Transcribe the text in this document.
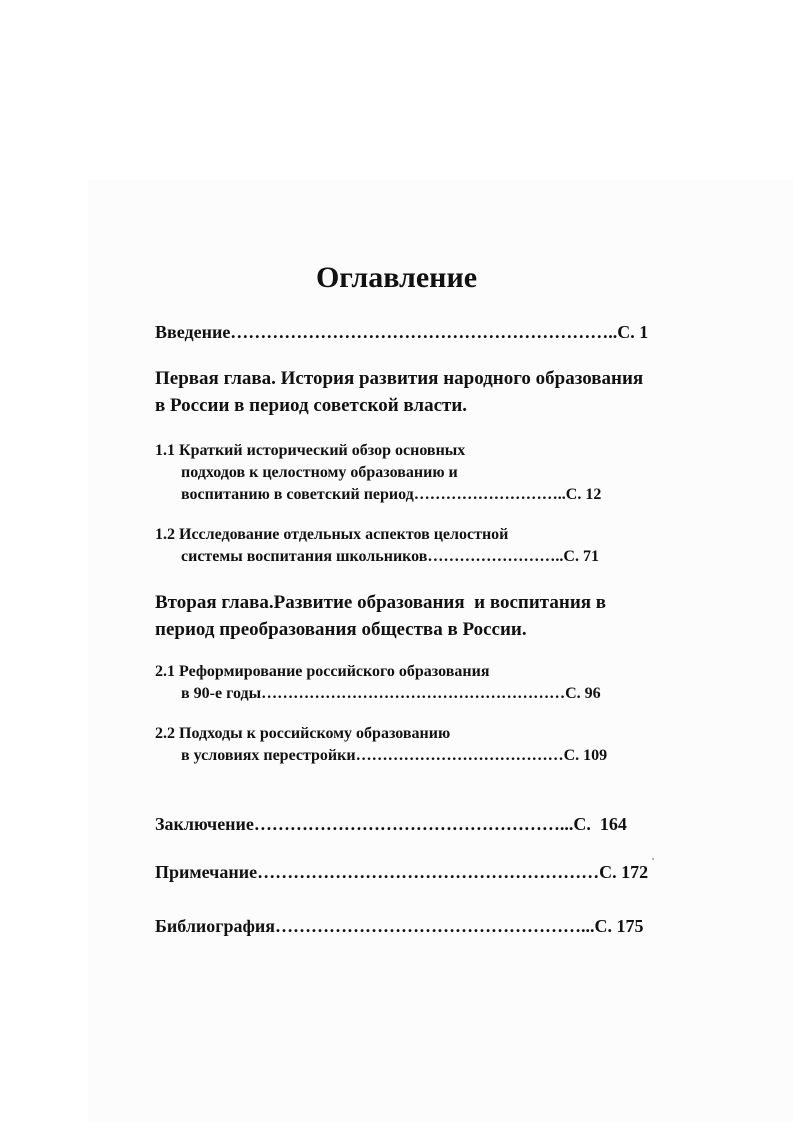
Оглавление
Введение………………………………………………………..С. 1
Первая глава. История развития народного образования
в России в период советской власти.
1.1 Краткий исторический обзор основных
подходов к целостному образованию и
воспитанию в советский период………………………..С. 12
1.2 Исследование отдельных аспектов целостной
системы воспитания школьников……………………..С. 71
Вторая глава.Развитие образования  и воспитания в
период преобразования общества в России.
2.1 Реформирование российского образования
в 90-е годы…………………………………………………С. 96
2.2 Подходы к российскому образованию
в условиях перестройки…………………………………С. 109
Заключение……………………………………………...С.  164
Примечание…………………………………………………С. 172
Библиография……………………………………………...С. 175
